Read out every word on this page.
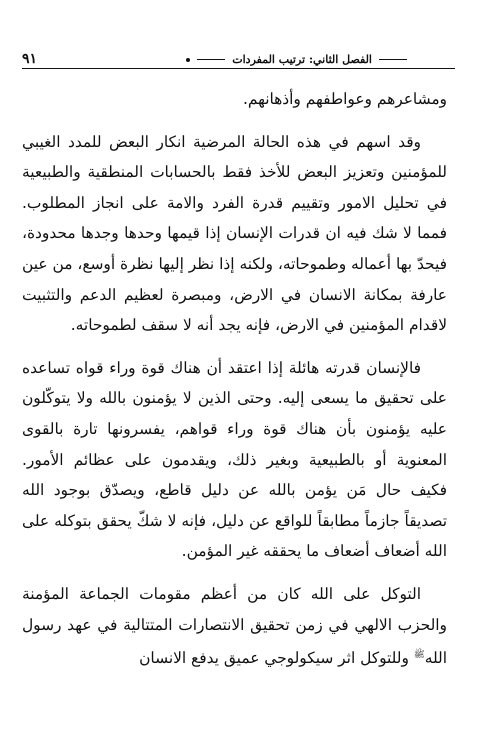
٩١	الفصل الثاني: ترتيب المفردات

ومشاعرهم وعواطفهم وأذهانهم.

وقد اسهم في هذه الحالة المرضية انكار البعض للمدد الغيبي للمؤمنين وتعزيز البعض للأخذ فقط بالحسابات المنطقية والطبيعية في تحليل الامور وتقييم قدرة الفرد والامة على انجاز المطلوب. فمما لا شك فيه ان قدرات الإنسان إذا قيمها وحدها وجدها محدودة، فيحدّ بها أعماله وطموحاته، ولكنه إذا نظر إليها نظرة أوسع، من عين عارفة بمكانة الانسان في الارض، ومبصرة لعظيم الدعم والتثبيت لاقدام المؤمنين في الارض، فإنه يجد أنه لا سقف لطموحاته.

فالإنسان قدرته هائلة إذا اعتقد أن هناك قوة وراء قواه تساعده على تحقيق ما يسعى إليه. وحتى الذين لا يؤمنون بالله ولا يتوكّلون عليه يؤمنون بأن هناك قوة وراء قواهم، يفسرونها تارة بالقوى المعنوية أو بالطبيعية وبغير ذلك، ويقدمون على عظائم الأمور. فكيف حال مَن يؤمن بالله عن دليل قاطع، ويصدّق بوجود الله تصديقاً جازماً مطابقاً للواقع عن دليل، فإنه لا شكّ يحقق بتوكله على الله أضعاف أضعاف ما يحققه غير المؤمن.

التوكل على الله كان من أعظم مقومات الجماعة المؤمنة والحزب الالهي في زمن تحقيق الانتصارات المتتالية في عهد رسول الله$^ﷺ$ وللتوكل اثر سيكولوجي عميق يدفع الانسان
